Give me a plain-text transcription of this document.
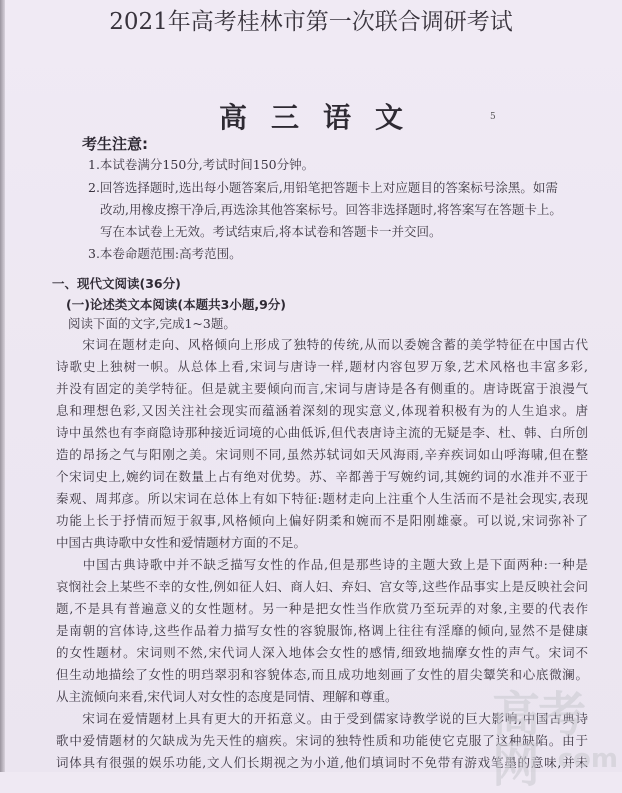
2021年高考桂林市第一次联合调研考试
高三语文	5
考生注意:
1.本试卷满分150分,考试时间150分钟。
2.回答选择题时,选出每小题答案后,用铅笔把答题卡上对应题目的答案标号涂黑。如需
改动,用橡皮擦干净后,再选涂其他答案标号。回答非选择题时,将答案写在答题卡上。
写在本试卷上无效。考试结束后,将本试卷和答题卡一并交回。
3.本卷命题范围:高考范围。
一、现代文阅读(36分)
(一)论述类文本阅读(本题共3小题,9分)
阅读下面的文字,完成1~3题。
　　宋词在题材走向、风格倾向上形成了独特的传统,从而以委婉含蓄的美学特征在中国古代
诗歌史上独树一帜。从总体上看,宋词与唐诗一样,题材内容包罗万象,艺术风格也丰富多彩,
并没有固定的美学特征。但是就主要倾向而言,宋词与唐诗是各有侧重的。唐诗既富于浪漫气
息和理想色彩,又因关注社会现实而蕴涵着深刻的现实意义,体现着积极有为的人生追求。唐
诗中虽然也有李商隐诗那种接近词境的心曲低诉,但代表唐诗主流的无疑是李、杜、韩、白所创
造的昂扬之气与阳刚之美。宋词则不同,虽然苏轼词如天风海雨,辛弃疾词如山呼海啸,但在整
个宋词史上,婉约词在数量上占有绝对优势。苏、辛都善于写婉约词,其婉约词的水准并不亚于
秦观、周邦彦。所以宋词在总体上有如下特征:题材走向上注重个人生活而不是社会现实,表现
功能上长于抒情而短于叙事,风格倾向上偏好阴柔和婉而不是阳刚雄豪。可以说,宋词弥补了
中国古典诗歌中女性和爱情题材方面的不足。
　　中国古典诗歌中并不缺乏描写女性的作品,但是那些诗的主题大致上是下面两种:一种是
哀悯社会上某些不幸的女性,例如征人妇、商人妇、弃妇、宫女等,这些作品事实上是反映社会问
题,不是具有普遍意义的女性题材。另一种是把女性当作欣赏乃至玩弄的对象,主要的代表作
是南朝的宫体诗,这些作品着力描写女性的容貌服饰,格调上往往有淫靡的倾向,显然不是健康
的女性题材。宋词则不然,宋代词人深入地体会女性的感情,细致地揣摩女性的声气。宋词不
但生动地描绘了女性的明珰翠羽和容貌体态,而且成功地刻画了女性的眉尖颦笑和心底微澜。
从主流倾向来看,宋代词人对女性的态度是同情、理解和尊重。
　　宋词在爱情题材上具有更大的开拓意义。由于受到儒家诗教学说的巨大影响,中国古典诗
歌中爱情题材的欠缺成为先天性的痼疾。宋词的独特性质和功能使它克服了这种缺陷。由于
词体具有很强的娱乐功能,文人们长期视之为小道,他们填词时不免带有游戏笔墨的意味,并未
高考网 com
